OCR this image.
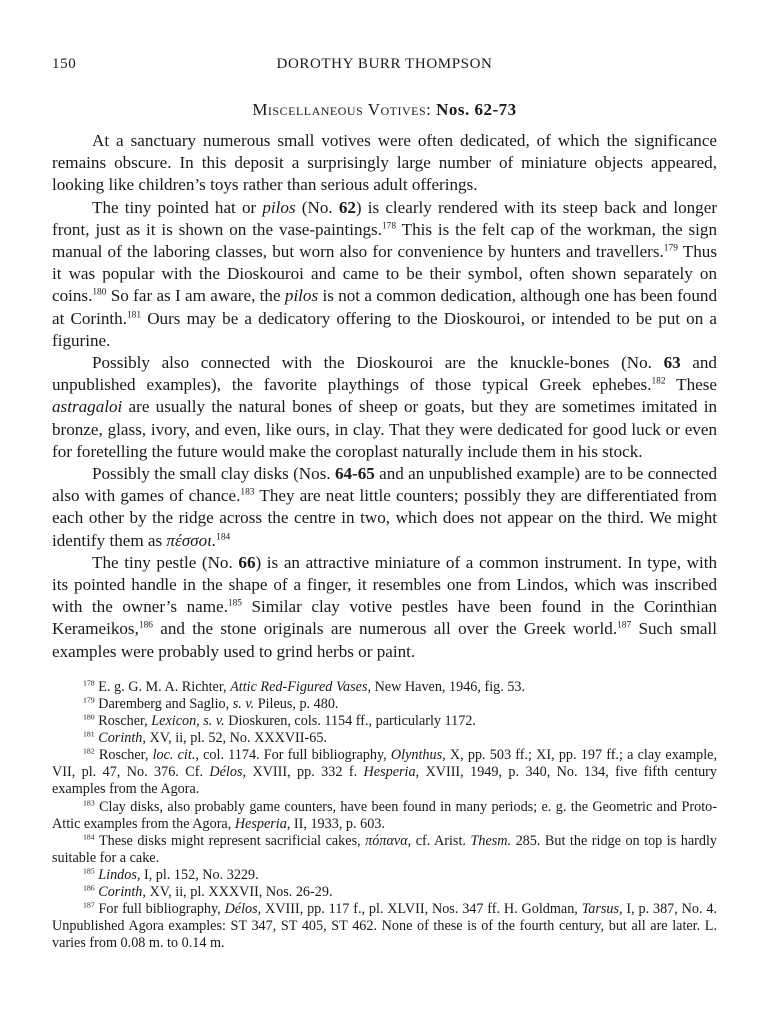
150	DOROTHY BURR THOMPSON
Miscellaneous Votives: Nos. 62-73

At a sanctuary numerous small votives were often dedicated, of which the significance remains obscure. In this deposit a surprisingly large number of miniature objects appeared, looking like children’s toys rather than serious adult offerings.

The tiny pointed hat or pilos (No. 62) is clearly rendered with its steep back and longer front, just as it is shown on the vase-paintings.$^{178}$ This is the felt cap of the workman, the sign manual of the laboring classes, but worn also for convenience by hunters and travellers.$^{179}$ Thus it was popular with the Dioskouroi and came to be their symbol, often shown separately on coins.$^{180}$ So far as I am aware, the pilos is not a common dedication, although one has been found at Corinth.$^{181}$ Ours may be a dedicatory offering to the Dioskouroi, or intended to be put on a figurine.

Possibly also connected with the Dioskouroi are the knuckle-bones (No. 63 and unpublished examples), the favorite playthings of those typical Greek ephebes.$^{182}$ These astragaloi are usually the natural bones of sheep or goats, but they are sometimes imitated in bronze, glass, ivory, and even, like ours, in clay. That they were dedicated for good luck or even for foretelling the future would make the coroplast naturally include them in his stock.

Possibly the small clay disks (Nos. 64-65 and an unpublished example) are to be connected also with games of chance.$^{183}$ They are neat little counters; possibly they are differentiated from each other by the ridge across the centre in two, which does not appear on the third. We might identify them as πέσσοι.$^{184}$

The tiny pestle (No. 66) is an attractive miniature of a common instrument. In type, with its pointed handle in the shape of a finger, it resembles one from Lindos, which was inscribed with the owner’s name.$^{185}$ Similar clay votive pestles have been found in the Corinthian Kerameikos,$^{186}$ and the stone originals are numerous all over the Greek world.$^{187}$ Such small examples were probably used to grind herbs or paint.

$^{178}$ E. g. G. M. A. Richter, Attic Red-Figured Vases, New Haven, 1946, fig. 53.

$^{179}$ Daremberg and Saglio, s. v. Pileus, p. 480.

$^{180}$ Roscher, Lexicon, s. v. Dioskuren, cols. 1154 ff., particularly 1172.

$^{181}$ Corinth, XV, ii, pl. 52, No. XXXVII-65.

$^{182}$ Roscher, loc. cit., col. 1174. For full bibliography, Olynthus, X, pp. 503 ff.; XI, pp. 197 ff.; a clay example, VII, pl. 47, No. 376. Cf. Délos, XVIII, pp. 332 f. Hesperia, XVIII, 1949, p. 340, No. 134, five fifth century examples from the Agora.

$^{183}$ Clay disks, also probably game counters, have been found in many periods; e. g. the Geometric and Proto-Attic examples from the Agora, Hesperia, II, 1933, p. 603.

$^{184}$ These disks might represent sacrificial cakes, πόπανα, cf. Arist. Thesm. 285. But the ridge on top is hardly suitable for a cake.

$^{185}$ Lindos, I, pl. 152, No. 3229.

$^{186}$ Corinth, XV, ii, pl. XXXVII, Nos. 26-29.

$^{187}$ For full bibliography, Délos, XVIII, pp. 117 f., pl. XLVII, Nos. 347 ff. H. Goldman, Tarsus, I, p. 387, No. 4. Unpublished Agora examples: ST 347, ST 405, ST 462. None of these is of the fourth century, but all are later. L. varies from 0.08 m. to 0.14 m.
